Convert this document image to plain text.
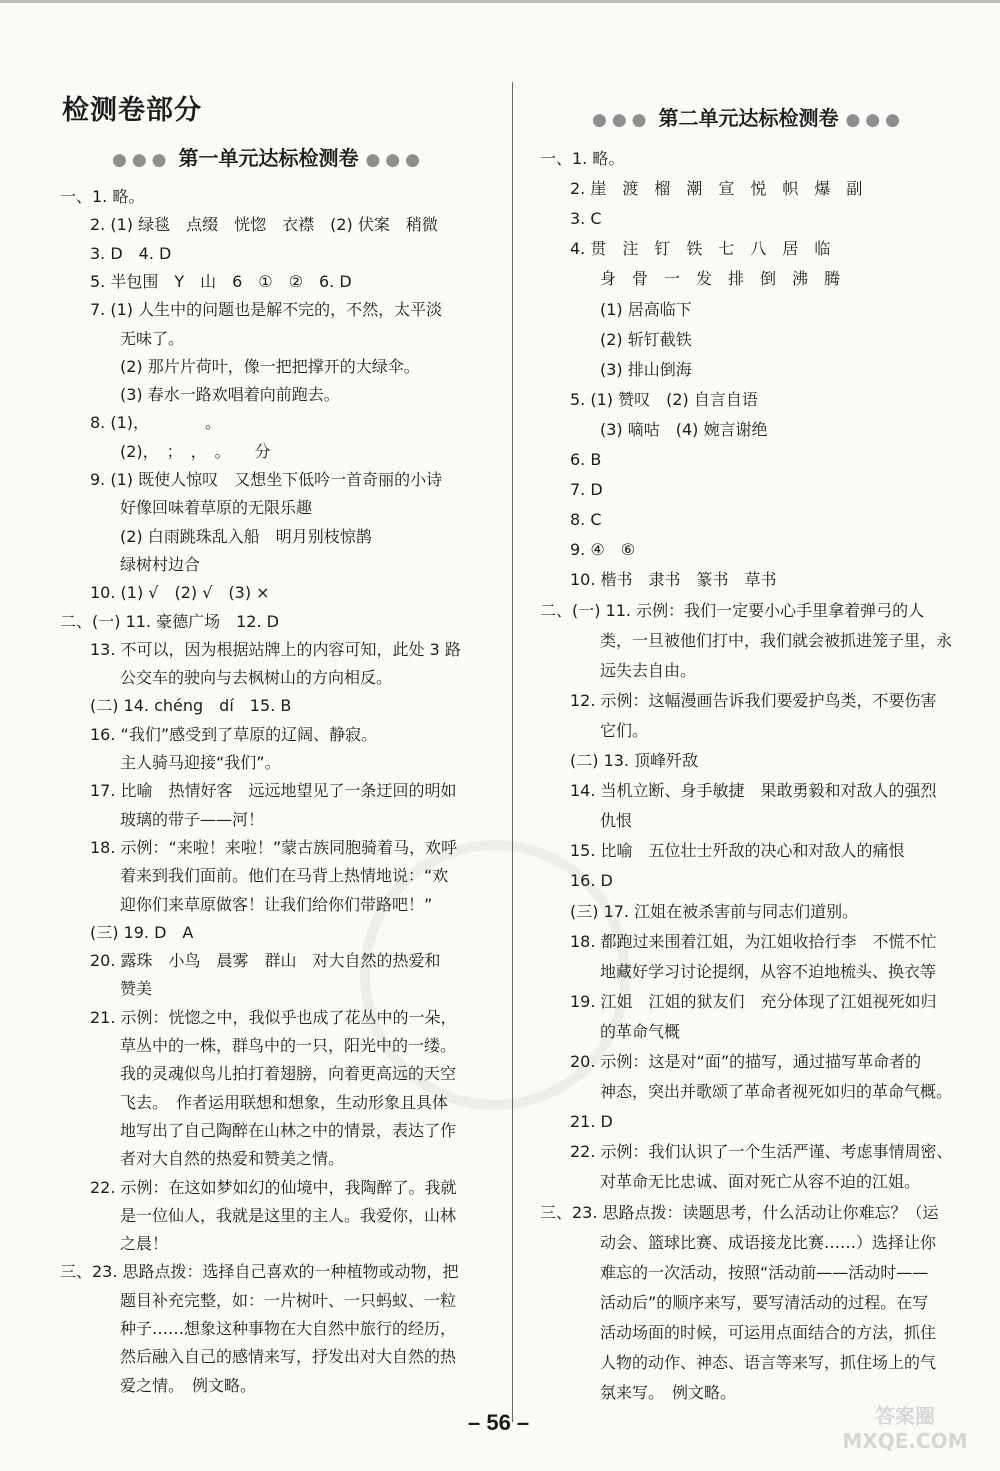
检测卷部分
●●● 第一单元达标检测卷 ●●●
●●● 第二单元达标检测卷 ●●●
一、1. 略。
2. (1) 绿毯　点缀　恍惚　衣襟　(2) 伏案　稍微
3. D　4. D
5. 半包围　Y　山　6　①　②　6. D
7. (1) 人生中的问题也是解不完的，不然，太平淡
无味了。
(2) 那片片荷叶，像一把把撑开的大绿伞。
(3) 春水一路欢唱着向前跑去。
8. (1)，　　　　。
(2)，　；　，　。　　分
9. (1) 既使人惊叹　又想坐下低吟一首奇丽的小诗
好像回味着草原的无限乐趣
(2) 白雨跳珠乱入船　明月别枝惊鹊
绿树村边合
10. (1) √　(2) √　(3) ×
二、(一) 11. 豪德广场　12. D
13. 不可以，因为根据站牌上的内容可知，此处 3 路
公交车的驶向与去枫树山的方向相反。
(二) 14. chéng　dí　15. B
16. “我们”感受到了草原的辽阔、静寂。
主人骑马迎接“我们”。
17. 比喻　热情好客　远远地望见了一条迂回的明如
玻璃的带子——河！
18. 示例：“来啦！来啦！”蒙古族同胞骑着马，欢呼
着来到我们面前。他们在马背上热情地说：“欢
迎你们来草原做客！让我们给你们带路吧！”
(三) 19. D　A
20. 露珠　小鸟　晨雾　群山　对大自然的热爱和
赞美
21. 示例：恍惚之中，我似乎也成了花丛中的一朵，
草丛中的一株，群鸟中的一只，阳光中的一缕。
我的灵魂似鸟儿拍打着翅膀，向着更高远的天空
飞去。　作者运用联想和想象，生动形象且具体
地写出了自己陶醉在山林之中的情景，表达了作
者对大自然的热爱和赞美之情。
22. 示例：在这如梦如幻的仙境中，我陶醉了。我就
是一位仙人，我就是这里的主人。我爱你，山林
之晨！
三、23. 思路点拨：选择自己喜欢的一种植物或动物，把
题目补充完整，如：一片树叶、一只蚂蚁、一粒
种子……想象这种事物在大自然中旅行的经历，
然后融入自己的感情来写，抒发出对大自然的热
爱之情。　例文略。
一、1. 略。
2. 崖　渡　榴　潮　宣　悦　帜　爆　副
3. C
4. 贯　注　钉　铁　七　八　居　临
身　骨　一　发　排　倒　沸　腾
(1) 居高临下
(2) 斩钉截铁
(3) 排山倒海
5. (1) 赞叹　(2) 自言自语
(3) 嘀咕　(4) 婉言谢绝
6. B
7. D
8. C
9. ④　⑥
10. 楷书　隶书　篆书　草书
二、(一) 11. 示例：我们一定要小心手里拿着弹弓的人
类，一旦被他们打中，我们就会被抓进笼子里，永
远失去自由。
12. 示例：这幅漫画告诉我们要爱护鸟类，不要伤害
它们。
(二) 13. 顶峰歼敌
14. 当机立断、身手敏捷　果敢勇毅和对敌人的强烈
仇恨
15. 比喻　五位壮士歼敌的决心和对敌人的痛恨
16. D
(三) 17. 江姐在被杀害前与同志们道别。
18. 都跑过来围着江姐，为江姐收拾行李　不慌不忙
地藏好学习讨论提纲，从容不迫地梳头、换衣等
19. 江姐　江姐的狱友们　充分体现了江姐视死如归
的革命气概
20. 示例：这是对“面”的描写，通过描写革命者的
神态，突出并歌颂了革命者视死如归的革命气概。
21. D
22. 示例：我们认识了一个生活严谨、考虑事情周密、
对革命无比忠诚、面对死亡从容不迫的江姐。
三、23. 思路点拨：读题思考，什么活动让你难忘？（运
动会、篮球比赛、成语接龙比赛……）选择让你
难忘的一次活动，按照“活动前——活动时——
活动后”的顺序来写，要写清活动的过程。在写
活动场面的时候，可运用点面结合的方法，抓住
人物的动作、神态、语言等来写，抓住场上的气
氛来写。　例文略。
– 56 –	答案圈
MXQE.COM
